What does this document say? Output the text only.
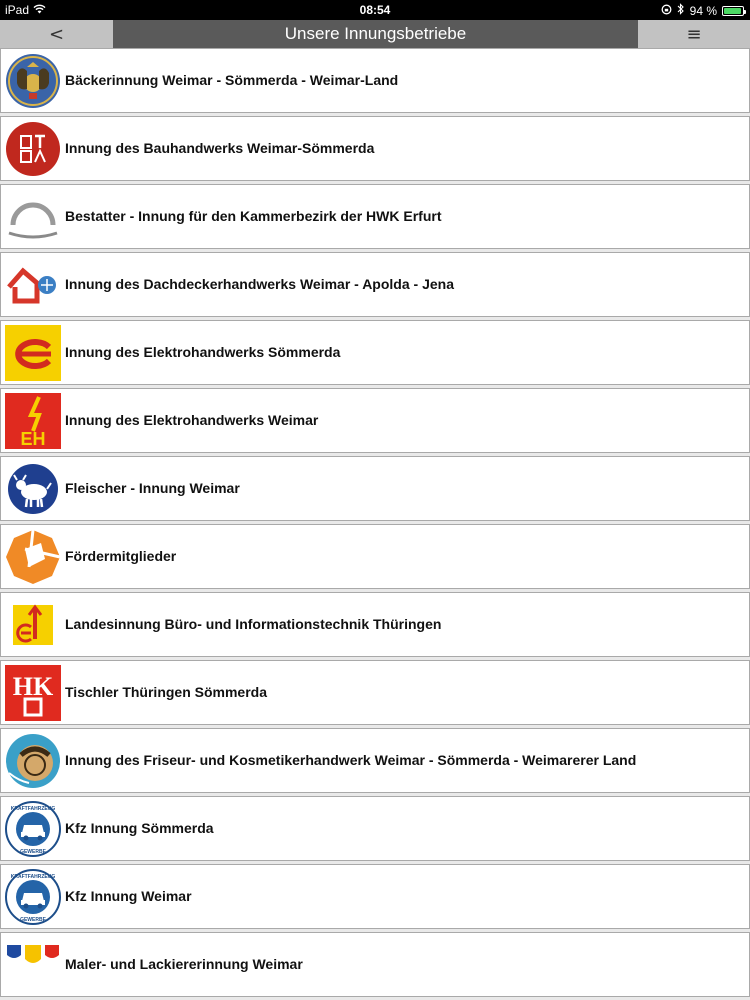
iPad	08:54	94 %
<	Unsere Innungsbetriebe	≡
Bäckerinnung Weimar - Sömmerda - Weimar-Land
Innung des Bauhandwerks Weimar-Sömmerda
Bestatter - Innung für den Kammerbezirk der HWK Erfurt
Innung des Dachdeckerhandwerks Weimar - Apolda - Jena
Innung des Elektrohandwerks Sömmerda
EH
Innung des Elektrohandwerks Weimar
Fleischer - Innung Weimar
Fördermitglieder
Landesinnung Büro- und Informationstechnik Thüringen
HK Tischler Thüringen Sömmerda
Innung des Friseur- und Kosmetikerhandwerk Weimar - Sömmerda - Weimarerer Land
KRAFTFAHRZEUG
GEWERBE
Kfz Innung Sömmerda
KRAFTFAHRZEUG
GEWERBE
Kfz Innung Weimar
Maler- und Lackiererinnung Weimar
